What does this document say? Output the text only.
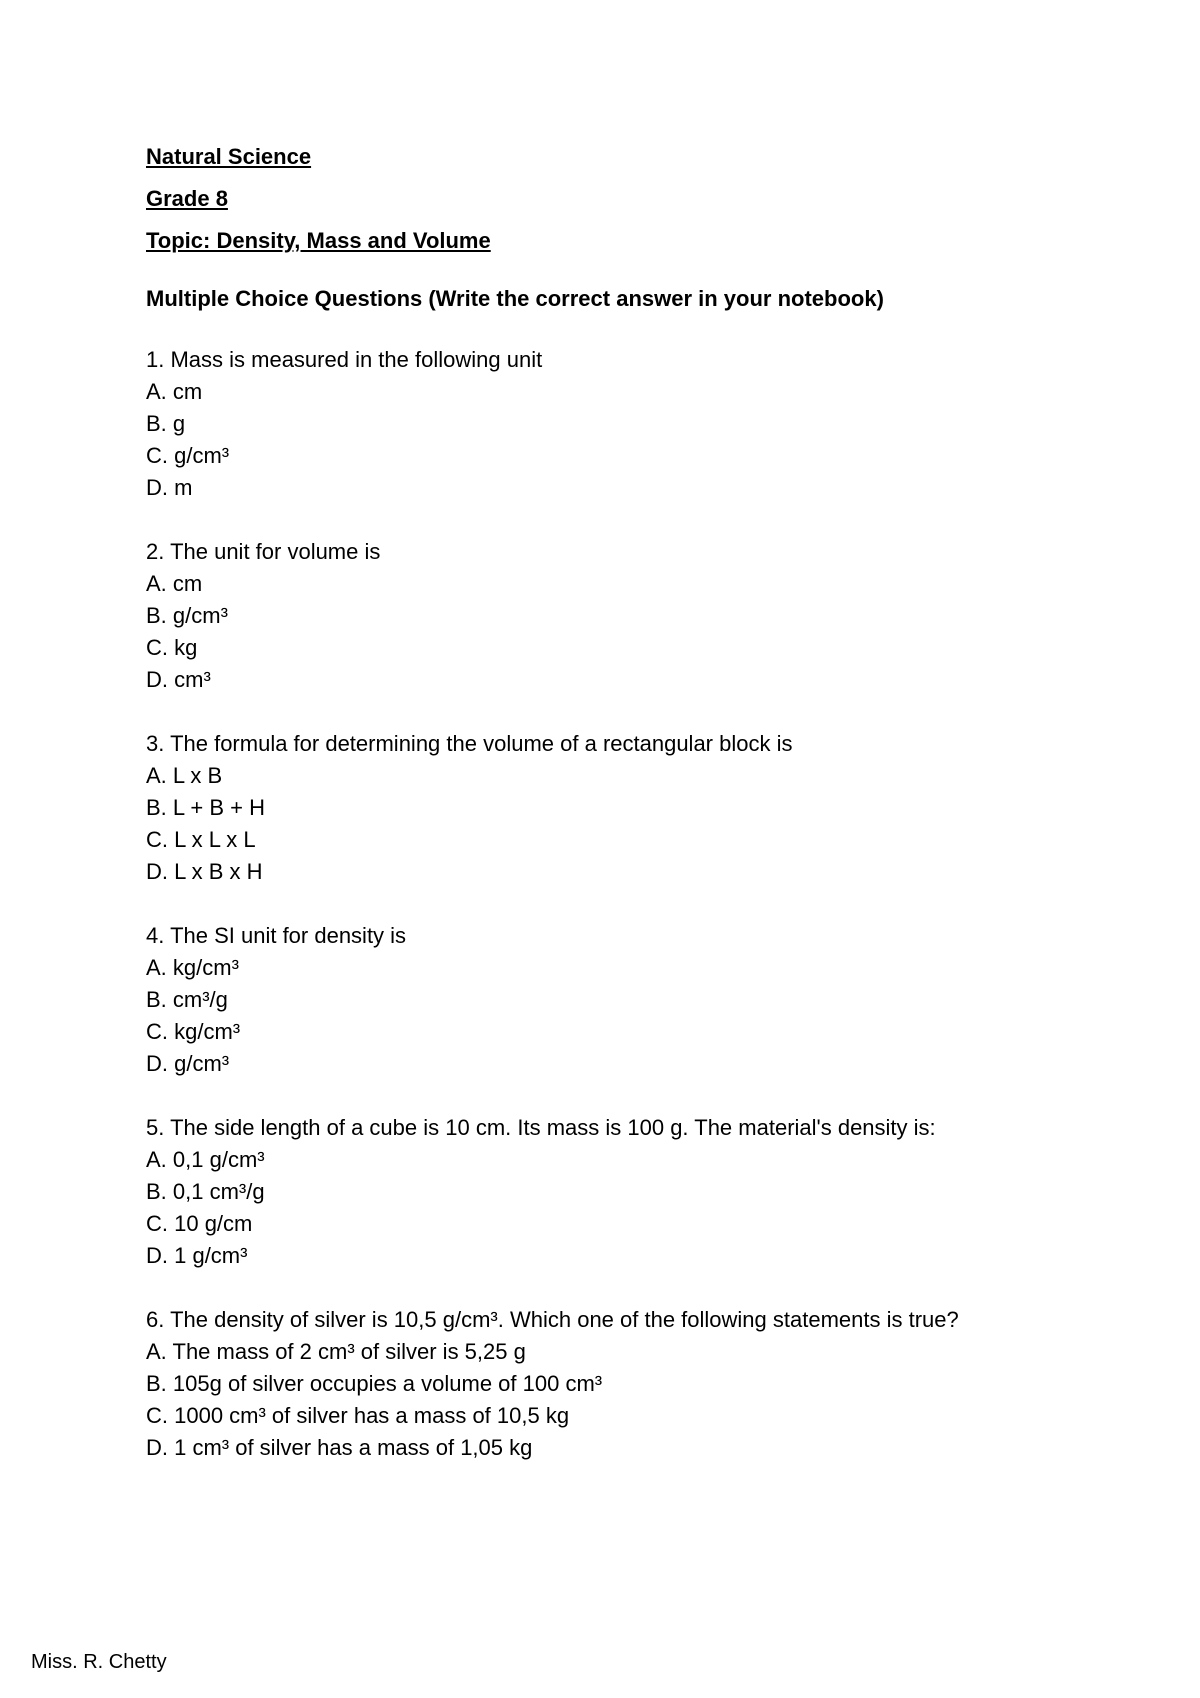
Natural Science

Grade 8

Topic: Density, Mass and Volume

Multiple Choice Questions (Write the correct answer in your notebook)

1. Mass is measured in the following unit

A. cm

B. g

C. g/cm³

D. m

2. The unit for volume is

A. cm

B. g/cm³

C. kg

D. cm³

3. The formula for determining the volume of a rectangular block is

A. L x B

B. L + B + H

C. L x L x L

D. L x B x H

4. The SI unit for density is

A. kg/cm³

B. cm³/g

C. kg/cm³

D. g/cm³

5. The side length of a cube is 10 cm. Its mass is 100 g. The material's density is:

A. 0,1 g/cm³

B. 0,1 cm³/g

C. 10 g/cm

D. 1 g/cm³

6. The density of silver is 10,5 g/cm³. Which one of the following statements is true?

A. The mass of 2 cm³ of silver is 5,25 g

B. 105g of silver occupies a volume of 100 cm³

C. 1000 cm³ of silver has a mass of 10,5 kg

D. 1 cm³ of silver has a mass of 1,05 kg

Miss. R. Chetty
